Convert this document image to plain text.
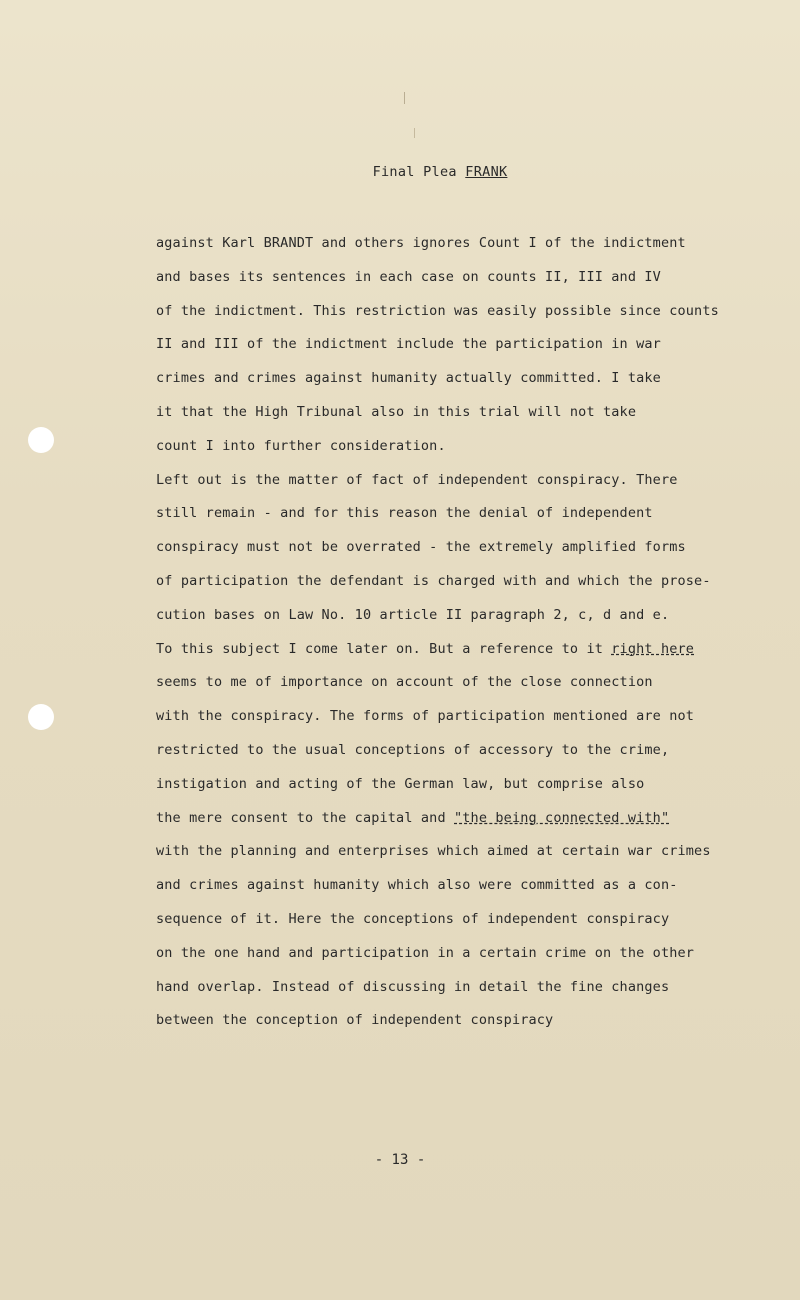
Final Plea FRANK
against Karl BRANDT and others ignores Count I of the indictment
and bases its sentences in each case on counts II, III and IV
of the indictment. This restriction was easily possible since counts
II and III of the indictment include the participation in war
crimes and crimes against humanity actually committed. I take
it that the High Tribunal also in this trial will not take
count I into further consideration.
Left out is the matter of fact of independent conspiracy. There
still remain - and for this reason the denial of independent
conspiracy must not be overrated - the extremely amplified forms
of participation the defendant is charged with and which the prose-
cution bases on Law No. 10 article II paragraph 2, c, d and e.
To this subject I come later on. But a reference to it right here
seems to me of importance on account of the close connection
with the conspiracy. The forms of participation mentioned are not
restricted to the usual conceptions of accessory to the crime,
instigation and acting of the German law, but comprise also
the mere consent to the capital and "the being connected with"
with the planning and enterprises which aimed at certain war crimes
and crimes against humanity which also were committed as a con-
sequence of it. Here the conceptions of independent conspiracy
on the one hand and participation in a certain crime on the other
hand overlap. Instead of discussing in detail the fine changes
between the conception of independent conspiracy
- 13 -
